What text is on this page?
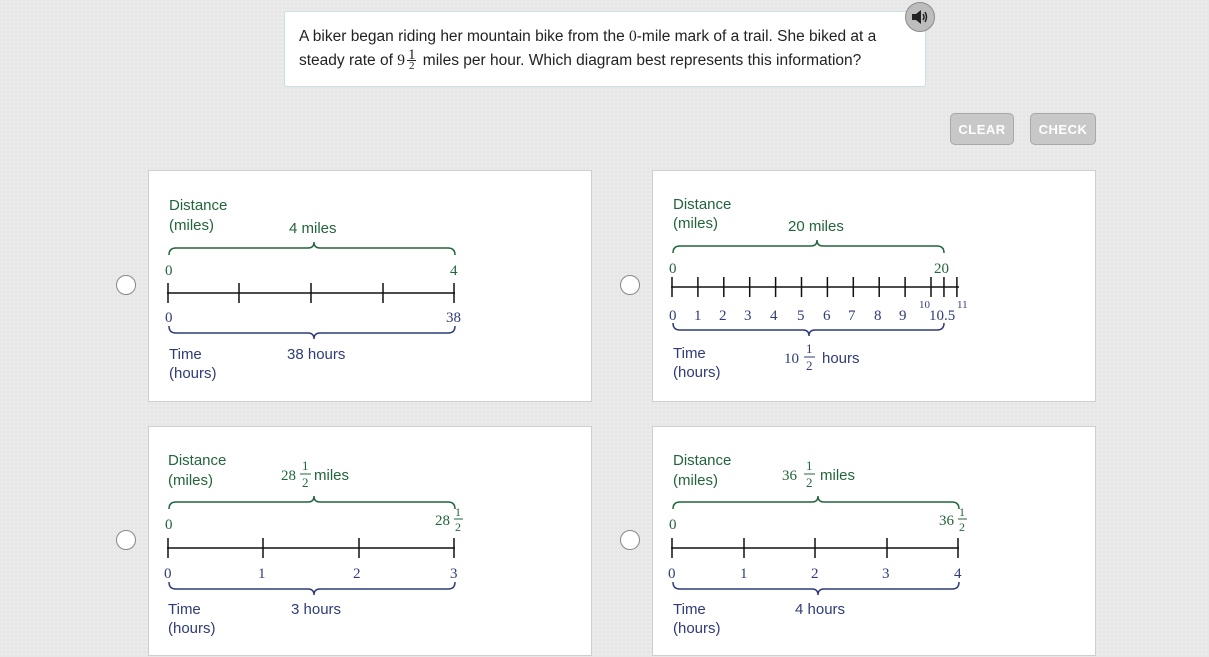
A biker began riding her mountain bike from the 0-mile mark of a trail. She biked at a steady rate of $9 \frac{1}{2}$ miles per hour. Which diagram best represents this information?
CLEAR	CHECK
Distance
(miles)	4 miles
0	4
0	38
38 hours
Time
(hours)
Distance
(miles)	20 miles
0	20
0 1 2 3 4 5 6 7 8 9
10
10.5
11
10
1
2 hours
Time
(hours)
Distance
(miles)	28
1
2 miles
0	28
1
2
0	1	2	3
3 hours
Time
(hours)
Distance
(miles)	36
1
2 miles
0	36
1
2
0	1	2	3	4
4 hours
Time
(hours)
